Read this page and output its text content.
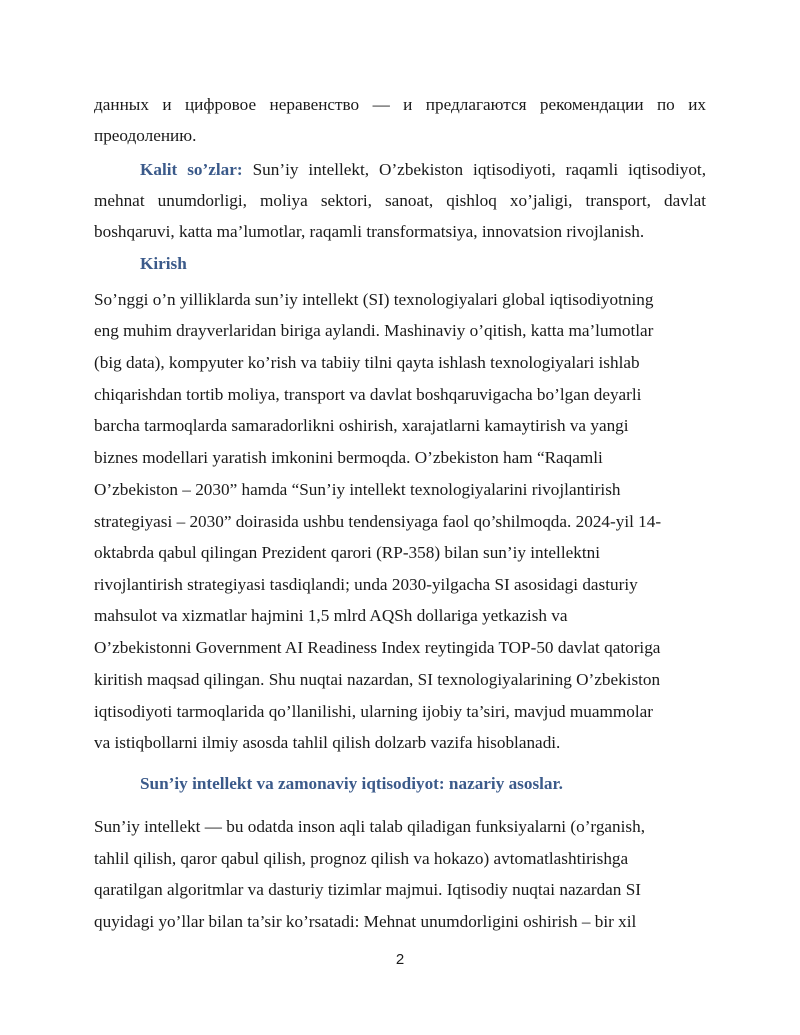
данных и цифровое неравенство — и предлагаются рекомендации по их
преодолению.
Kalit so’zlar: Sun’iy intellekt, O’zbekiston iqtisodiyoti, raqamli iqtisodiyot,
mehnat unumdorligi, moliya sektori, sanoat, qishloq xo’jaligi, transport, davlat
boshqaruvi, katta ma’lumotlar, raqamli transformatsiya, innovatsion rivojlanish.
Kirish
So’nggi o’n yilliklarda sun’iy intellekt (SI) texnologiyalari global iqtisodiyotning
eng muhim drayverlaridan biriga aylandi. Mashinaviy o’qitish, katta ma’lumotlar
(big data), kompyuter ko’rish va tabiiy tilni qayta ishlash texnologiyalari ishlab
chiqarishdan tortib moliya, transport va davlat boshqaruvigacha bo’lgan deyarli
barcha tarmoqlarda samaradorlikni oshirish, xarajatlarni kamaytirish va yangi
biznes modellari yaratish imkonini bermoqda. O’zbekiston ham “Raqamli
O’zbekiston – 2030” hamda “Sun’iy intellekt texnologiyalarini rivojlantirish
strategiyasi – 2030” doirasida ushbu tendensiyaga faol qo’shilmoqda. 2024-yil 14-
oktabrda qabul qilingan Prezident qarori (RP-358) bilan sun’iy intellektni
rivojlantirish strategiyasi tasdiqlandi; unda 2030-yilgacha SI asosidagi dasturiy
mahsulot va xizmatlar hajmini 1,5 mlrd AQSh dollariga yetkazish va
O’zbekistonni Government AI Readiness Index reytingida TOP-50 davlat qatoriga
kiritish maqsad qilingan. Shu nuqtai nazardan, SI texnologiyalarining O’zbekiston
iqtisodiyoti tarmoqlarida qo’llanilishi, ularning ijobiy ta’siri, mavjud muammolar
va istiqbollarni ilmiy asosda tahlil qilish dolzarb vazifa hisoblanadi.
Sun’iy intellekt va zamonaviy iqtisodiyot: nazariy asoslar.
Sun’iy intellekt — bu odatda inson aqli talab qiladigan funksiyalarni (o’rganish,
tahlil qilish, qaror qabul qilish, prognoz qilish va hokazo) avtomatlashtirishga
qaratilgan algoritmlar va dasturiy tizimlar majmui. Iqtisodiy nuqtai nazardan SI
quyidagi yo’llar bilan ta’sir ko’rsatadi: Mehnat unumdorligini oshirish – bir xil
2
